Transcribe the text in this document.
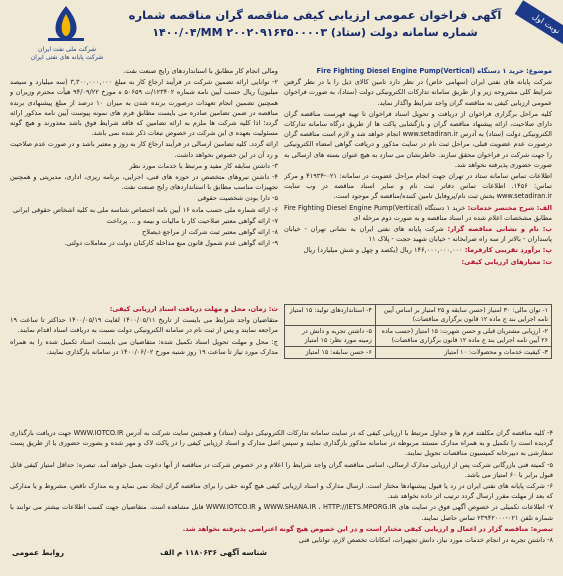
شرکت ملی نفت ایران
شرکت پایانه های نفتی ایران
نوبت اول
آگهی فراخوان عمومی ارزیابی کیفی مناقصه گران مناقصه شماره
۱۴۰۰/۰۴/MM شماره سامانه دولت (ستاد) ۲۰۰۲۰۹۱۶۴۵۰۰۰۰۳

موضوع: خرید ۱ دستگاه Fire Fighting Diesel Engine Pump(Vertical)

شرکت پایانه های نفتی ایران (سهامی خاص) در نظر دارد تامین کالای ذیل را با در نظر گرفتن شرایط کلی مشروحه زیر و از طریق سامانه تدارکات الکترونیکی دولت (ستاد)، به صورت فراخوان عمومی ارزیابی کیفی به مناقصه گران واجد شرایط واگذار نماید.

کلیه مراحل برگزاری فراخوان از دریافت و تحویل اسناد فراخوان تا تهیه فهرست مناقصه گران دارای صلاحیت، ارائه پیشنهاد مناقصه گران و بازگشایی پاکت ها از طریق درگاه سامانه تدارکات الکترونیکی دولت (ستاد) به آدرس www.setadiran.ir انجام خواهد شد و لازم است مناقصه گران درصورت عدم عضویت قبلی، مراحل ثبت نام در سایت مذکور و دریافت گواهی امضاء الکترونیکی را جهت شرکت در فراخوان محقق سازند. خاطرنشان می سازد به هیچ عنوان بسته های ارسالی به صورت حضوری پذیرفته نخواهد شد.

اطلاعات تماس سامانه ستاد در تهران جهت انجام مراحل عضویت در سامانه: ۰۲۱-۴۱۹۳۴ و مرکز تماس: ۱۴۵۶. اطلاعات تماس دفاتر ثبت نام و سایر اسناد مناقصه در وب سایت www.setadiran.ir بخش ثبت نام/پروفایل تامین کننده/مناقصه گر موجود است.

الف: شرح مختصر خدمات: خرید ۱ دستگاه Fire Fighting Diesel Engine Pump(Vertical) مطابق مشخصات اعلام شده در اسناد مناقصه و به صورت دوم مرحله ای

ب: نام و نشانی مناقصه گزار: شرکت پایانه های نفتی ایران به نشانی تهران - خیابان پاسداران - بالاتر از سه راه ضرابخانه - خیابان شهید حجت - پلاک ۱۱

پ: برآورد تقریبی کارفرما: ۱۴۶,۰۰۰,۰۰۰,۰۰۰ ریال (یکصد و چهل و شش میلیارد) ریال

ت: معیارهای ارزیابی کیفی:

۱- توان مالی: ۳۰ امتیاز (حسن سابقه و ۲۵ امتیاز بر اساس آیین نامه اجرایی بند ج ماده ۱۲ قانون برگزاری مناقصات)	۴- استانداردهای تولید: ۱۵ امتیاز
۲- ارزیابی مشتریان قبلی و حسن شهرت: ۱۵ امتیاز (حسب ماده ۲۶ آیین نامه اجرایی بند ج ماده ۱۲ قانون برگزاری مناقصات)	۵- داشتن تجربه و دانش در زمینه مورد نظر: ۱۵ امتیاز
۳- کیفیت خدمات و محصولات: ۱۰ امتیاز	۶- حسن سابقه: ۱۵ امتیاز

ومالی انجام کار مطابق با استانداردهای رایج صنعت نفت.

۲- توانایی ارائه تضمین شرکت در فرآیند ارجاع کار به مبلغ ۳,۳۰۰,۰۰۰,۰۰۰ (سه میلیارد و سیصد میلیون) ریال حسب آیین نامه شماره ۱۲۳۴۰۲/ت ۵۰۶۵۹ ه مورخ ۹۴/۰۹/۲۲ هیأت محترم وزیران و همچنین تضمین انجام تعهدات درصورت برنده شدن به میزان ۱۰ درصد از مبلغ پیشنهادی برنده مناقصه در ضمن تضامین صادره می بایست مطابق فرم های نمونه پیوست آیین نامه مذکور ارائه گردد؛ اذا کلیه شرکت ها ملزم به ارائه تضامین که فاقد شرایط فوق باشد معذورند و هیچ گونه مسئولیت بعهده ی این شرکت در خصوص تبعات ذکر شده نمی باشد.

ارائه گردد. کلیه تضامین ارسالی در فرآیند ارجاع کار به روز و معتبر باشد و در صورت عدم صلاحیت و رد آن در این خصوص نخواهد داشت.

۳- داشتن سابقه کار مفید و مرتبط با خدمات مورد نظر

۴- داشتن نیروهای متخصص در حوزه های فنی، اجرایی، برنامه ریزی، اداری، مدیریتی و همچنین تجهیزات مناسب مطابق با استانداردهای رایج صنعت نفت.

۵- دارا بودن شخصیت حقوقی

۶- ارائه شماره ملی حسب ماده ۱۶ آیین نامه اختصاص شناسه ملی به کلیه اشخاص حقوقی ایرانی

۷- ارائه گواهی معتبر صلاحیت کار با مالیات و بیمه و ... پرداخت

۸- ارائه گواهی معتبر ثبت شرکت از مراجع ذیصلاح

۹- ارائه گواهی عدم شمول قانون منع مداخله کارکنان دولت در معاملات دولتی.

ث: زمان، محل و مهلت دریافت اسناد ارزیابی کیفی:

متقاضیان واجد شرایط می بایست از تاریخ ۱۴۰۰/۰۵/۱۱ لغایت ۱۴۰۰/۰۵/۱۹ حداکثر تا ساعت ۱۹ مراجعه نمایند و پس از ثبت نام در سامانه الکترونیکی دولت نسبت به دریافت اسناد اقدام نمایند.

ج: محل و مهلت تحویل اسناد تکمیل شده: متقاضیان می بایست اسناد تکمیل شده را به همراه مدارک مورد نیاز تا ساعت ۱۹ روز شنبه مورخ ۱۴۰۰/۰۶/۰۲ در سامانه بارگذاری نمایند.

۴- کلیه مناقصه گران مکلفند فرم ها و جداول مرتبط با ارزیابی کیفی که در سایت سامانه تدارکات الکترونیکی دولت (ستاد) و همچنین سایت شرکت به آدرس WWW.IOTCO.IR جهت دریافت بارگذاری گردیده است را تکمیل و به همراه مدارک مستند مربوطه در سامانه مذکور بارگذاری نمایند و سپس اصل مدارک و اسناد ارزیابی کیفی را در پاکت لاک و مهر شده و بصورت حضوری یا از طریق پست سفارشی به دبیرخانه کمیسیون مناقصات تحویل نمایند.

۵- کمیته فنی بازرگانی شرکت پس از ارزیابی مدارک ارسالی، اسامی مناقصه گران واجد شرایط را اعلام و در خصوص شرکت در مناقصه از آنها دعوت بعمل خواهد آمد. تبصره: حداقل امتیاز کیفی قابل قبول برابر با ۶۰ امتیاز می باشد.

۶- شرکت پایانه های نفتی ایران در رد یا قبول پیشنهادها مختار است. ارسال مدارک و اسناد ارزیابی کیفی هیچ گونه حقی را برای مناقصه گران ایجاد نمی نماید و به مدارک ناقص، مشروط و یا مدارکی که بعد از مهلت مقرر ارسال گردد ترتیب اثر داده نخواهد شد.

۷- اطلاعات تکمیلی در خصوص آگهی فوق در سایت های WWW.SHANA.IR ، HTTP://IETS.MPORG.IR و WWW.IOTCO.IR قابل مشاهده است. متقاضیان جهت کسب اطلاعات بیشتر می توانند با شماره تلفن ۰۲۱-۲۳۹۴۲۰۰۰ تماس حاصل نمایند.

تبصره: مناقصه گزار در اعمال و ارزیابی کیفی مختار است و در این خصوص هیچ گونه اعتراضی پذیرفته نخواهد شد.

۸- داشتن تجربه در انجام خدمات مورد نیاز، دانش تجهیزات، امکانات تخصص لازم، توانایی فنی

روابط عمومی	شناسه آگهی ۱۱۸۰۶۳۶ م الف
